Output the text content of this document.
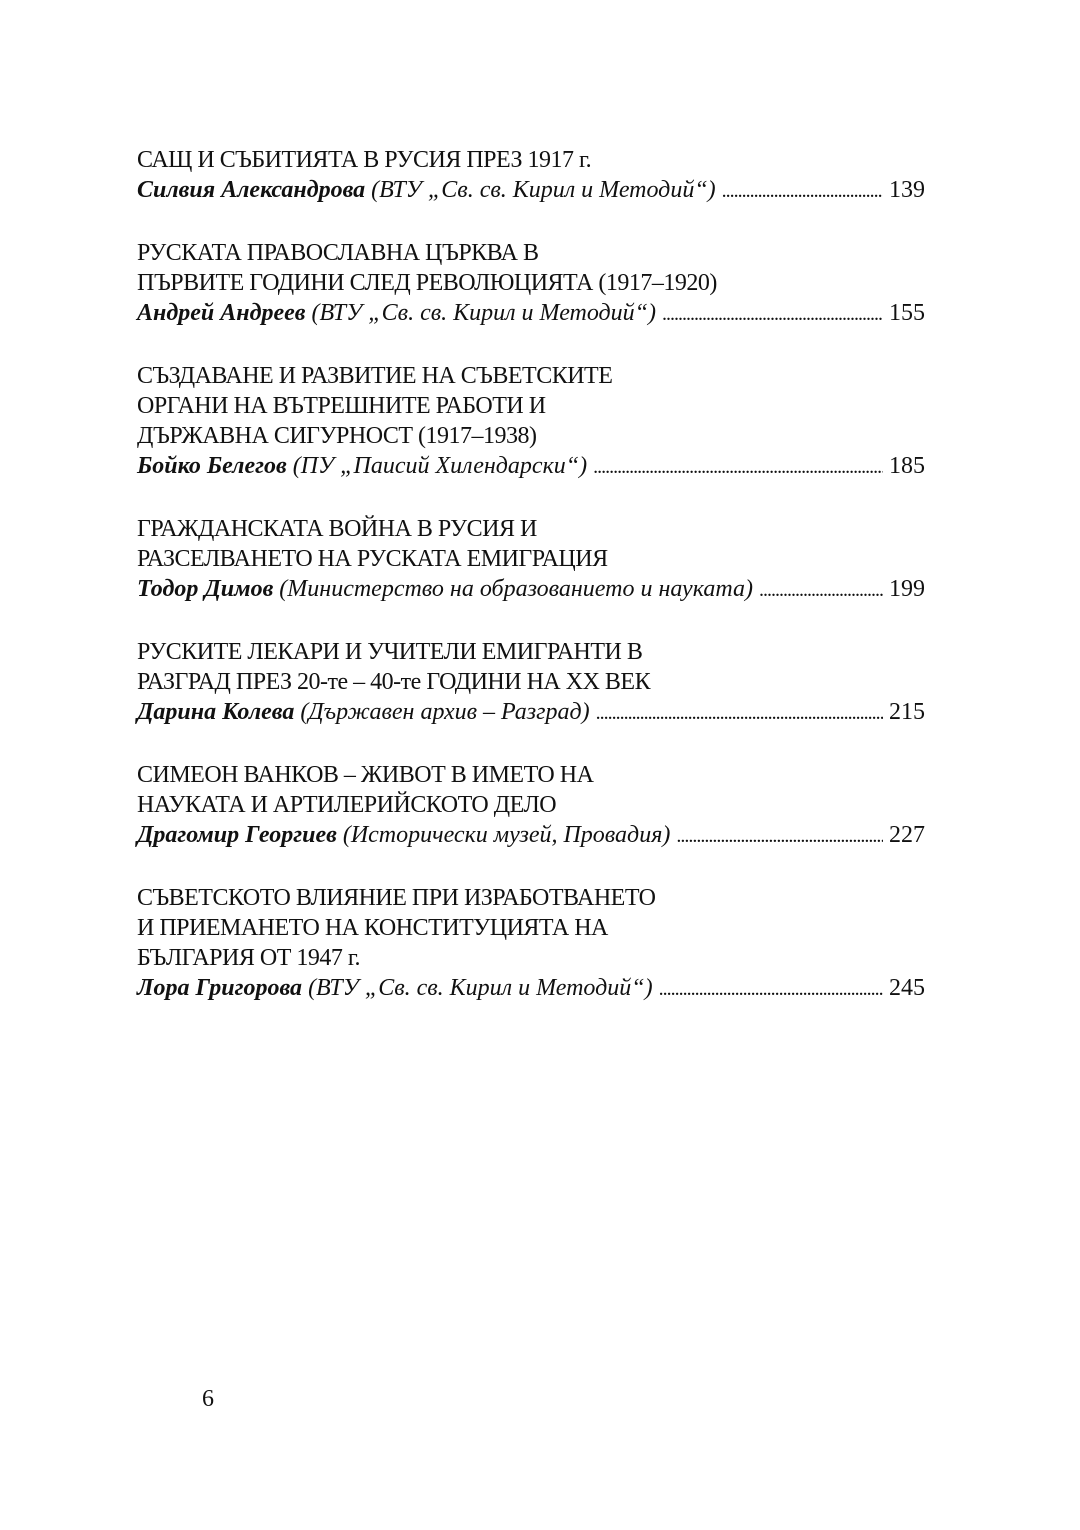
САЩ И СЪБИТИЯТА В РУСИЯ ПРЕЗ 1917 г.
Силвия Александрова (ВТУ „Св. св. Кирил и Методий“) . . .	139
РУСКАТА ПРАВОСЛАВНА ЦЪРКВА В
ПЪРВИТЕ ГОДИНИ СЛЕД РЕВОЛЮЦИЯТА (1917–1920)
Андрей Андреев (ВТУ „Св. св. Кирил и Методий“) . . .	155
СЪЗДАВАНЕ И РАЗВИТИЕ НА СЪВЕТСКИТЕ
ОРГАНИ НА ВЪТРЕШНИТЕ РАБОТИ И
ДЪРЖАВНА СИГУРНОСТ (1917–1938)
Бойко Белегов (ПУ „Паисий Хилендарски“) . . .	185
ГРАЖДАНСКАТА ВОЙНА В РУСИЯ И
РАЗСЕЛВАНЕТО НА РУСКАТА ЕМИГРАЦИЯ
Тодор Димов (Министерство на образованието и науката) . . .	199
РУСКИТЕ ЛЕКАРИ И УЧИТЕЛИ ЕМИГРАНТИ В
РАЗГРАД ПРЕЗ 20-те – 40-те ГОДИНИ НА XX ВЕК
Дарина Колева (Държавен архив – Разград) . . .	215
СИМЕОН ВАНКОВ – ЖИВОТ В ИМЕТО НА
НАУКАТА И АРТИЛЕРИЙСКОТО ДЕЛО
Драгомир Георгиев (Исторически музей, Провадия) . . .	227
СЪВЕТСКОТО ВЛИЯНИЕ ПРИ ИЗРАБОТВАНЕТО
И ПРИЕМАНЕТО НА КОНСТИТУЦИЯТА НА
БЪЛГАРИЯ ОТ 1947 г.
Лора Григорова (ВТУ „Св. св. Кирил и Методий“) . . .	245
6
